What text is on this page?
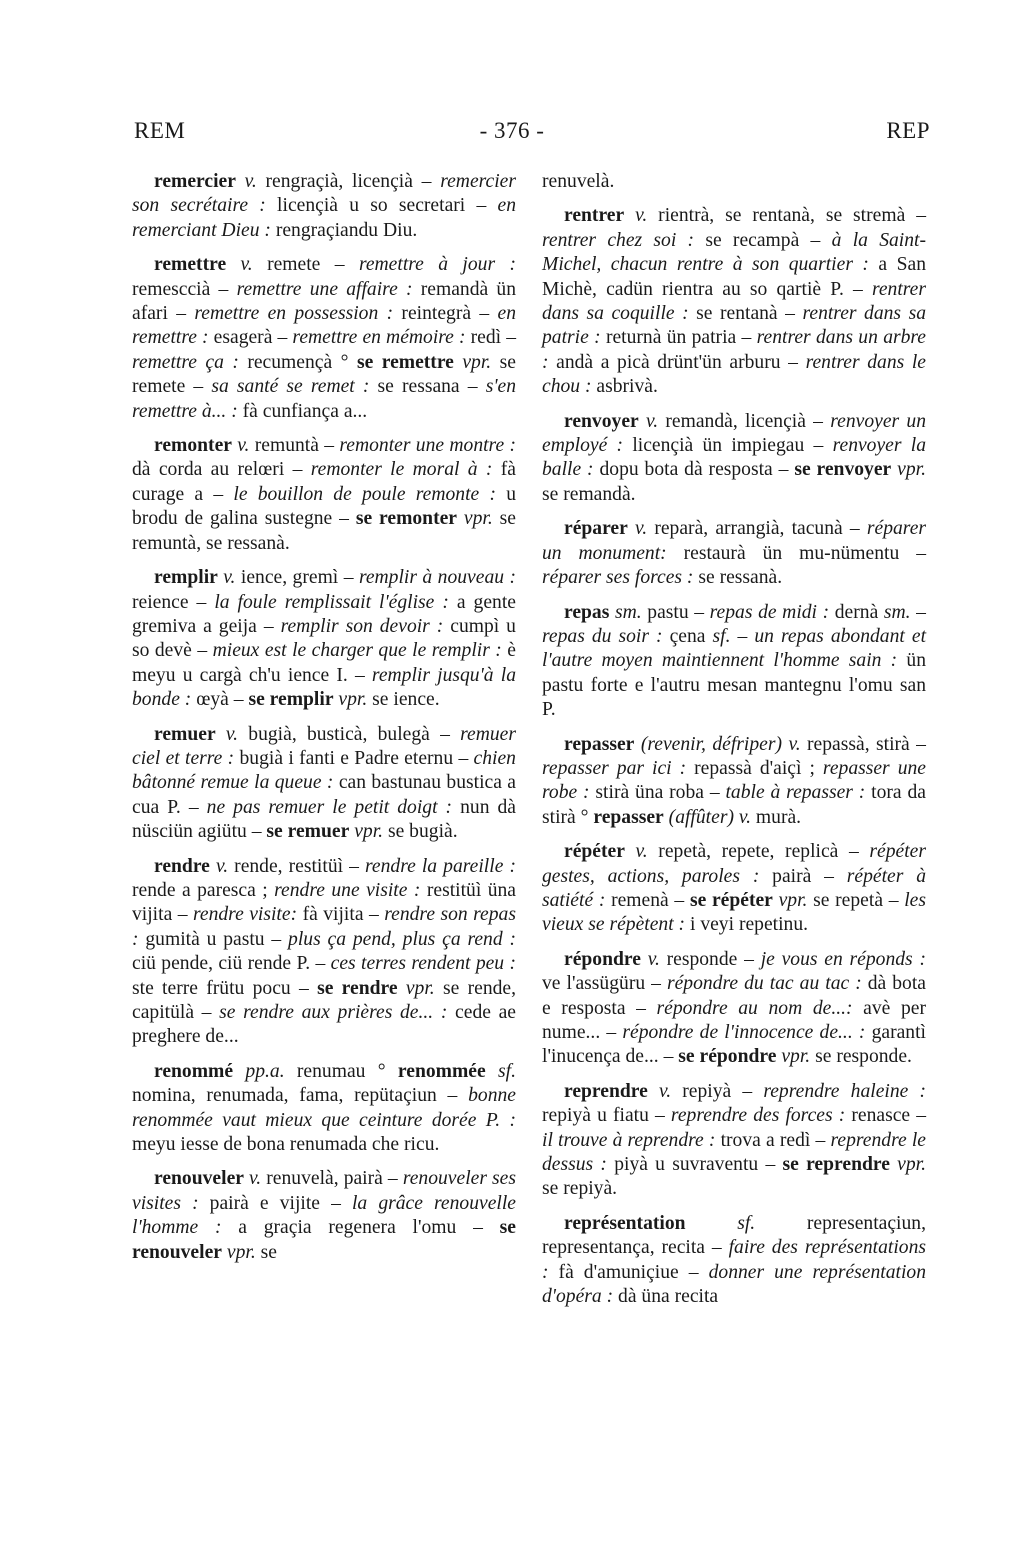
REM	- 376 -	REP

remercier v. rengraçià, licençià – remercier son secrétaire : licençià u so secretari – en remerciant Dieu : rengraçiandu Diu.

remettre v. remete – remettre à jour : remescсià – remettre une affaire : remandà ün afari – remettre en possession : reintegrà – en remettre : esagerà – remettre en mémoire : redì – remettre ça : recumençà ° se remettre vpr. se remete – sa santé se remet : se ressana – s'en remettre à... : fà cunfiança a...

remonter v. remuntà – remonter une montre : dà corda au relœri – remonter le moral à : fà curage a – le bouillon de poule remonte : u brodu de galina sustegne – se remonter vpr. se remuntà, se ressanà.

remplir v. ience, gremì – remplir à nouveau : reience – la foule remplissait l'église : a gente gremiva a geija – remplir son devoir : cumpì u so devè – mieux est le charger que le remplir : è meyu u cargà ch'u ience I. – remplir jusqu'à la bonde : œyà – se remplir vpr. se ience.

remuer v. bugià, busticà, bulegà – remuer ciel et terre : bugià i fanti e Padre eternu – chien bâtonné remue la queue : can bastunau bustica a cua P. – ne pas remuer le petit doigt : nun dà nüsciün agiütu – se remuer vpr. se bugià.

rendre v. rende, restitüì – rendre la pareille : rende a paresca ; rendre une visite : restitüì üna vijita – rendre visite: fà vijita – rendre son repas : gumità u pastu – plus ça pend, plus ça rend : ciü pende, ciü rende P. – ces terres rendent peu : ste terre frütu pocu – se rendre vpr. se rende, capitülà – se rendre aux prières de... : cede ae preghere de...

renommé pp.a. renumau ° renommée sf. nomina, renumada, fama, repütaçiun – bonne renommée vaut mieux que ceinture dorée P. : meyu iesse de bona renumada che ricu.

renouveler v. renuvelà, pairà – renouveler ses visites : pairà e vijite – la grâce renouvelle l'homme : a graçia regenera l'omu – se renouveler vpr. se

renuvelà.

rentrer v. rientrà, se rentanà, se stremà – rentrer chez soi : se recampà – à la Saint-Michel, chacun rentre à son quartier : a San Michè, cadün rientra au so qartiè P. – rentrer dans sa coquille : se rentanà – rentrer dans sa patrie : returnà ün patria – rentrer dans un arbre : andà a picà drünt'ün arburu – rentrer dans le chou : asbrivà.

renvoyer v. remandà, licençià – renvoyer un employé : licençià ün impiegau – renvoyer la balle : dopu bota dà resposta – se renvoyer vpr. se remandà.

réparer v. reparà, arrangià, tacunà – réparer un monument: restaurà ün mu-nümentu – réparer ses forces : se ressanà.

repas sm. pastu – repas de midi : dernà sm. – repas du soir : çena sf. – un repas abondant et l'autre moyen maintiennent l'homme sain : ün pastu forte e l'autru mesan mantegnu l'omu san P.

repasser (revenir, défriper) v. repassà, stirà – repasser par ici : repassà d'aiçì ; repasser une robe : stirà üna roba – table à repasser : tora da stirà ° repasser (affûter) v. murà.

répéter v. repetà, repete, replicà – répéter gestes, actions, paroles : pairà – répéter à satiété : remenà – se répéter vpr. se repetà – les vieux se répètent : i veyi repetinu.

répondre v. responde – je vous en réponds : ve l'assügüru – répondre du tac au tac : dà bota e resposta – répondre au nom de...: avè per nume... – répondre de l'innocence de... : garantì l'inucença de... – se répondre vpr. se responde.

reprendre v. repiyà – reprendre haleine : repiyà u fiatu – reprendre des forces : renasce – il trouve à reprendre : trova a redì – reprendre le dessus : piyà u suvraventu – se reprendre vpr. se repiyà.

représentation	sf. representaçiun, representança, recita – faire des représentations : fà d'amuniçiue – donner une représentation d'opéra : dà üna recita
